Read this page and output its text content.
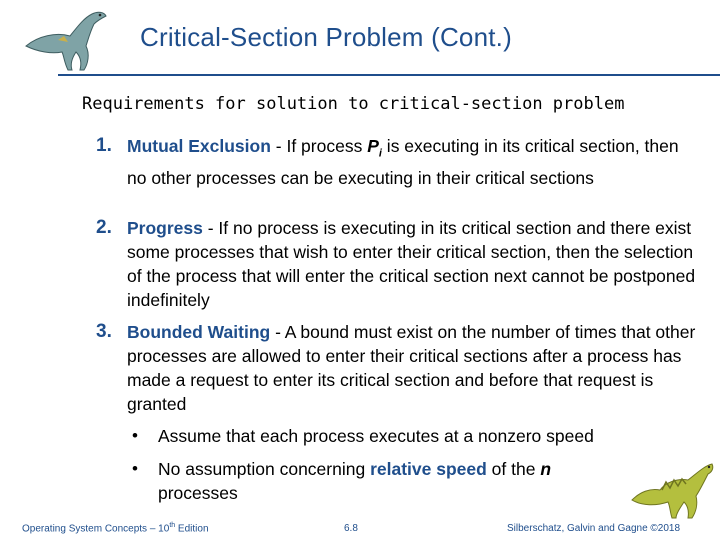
Critical-Section Problem (Cont.)
Requirements for solution to critical-section problem
1. Mutual Exclusion - If process $P_i$ is executing in its critical section, then no other processes can be executing in their critical sections
2. Progress - If no process is executing in its critical section and there exist some processes that wish to enter their critical section, then the selection of the process that will enter the critical section next cannot be postponed indefinitely
3. Bounded Waiting - A bound must exist on the number of times that other processes are allowed to enter their critical sections after a process has made a request to enter its critical section and before that request is granted
• Assume that each process executes at a nonzero speed
• No assumption concerning relative speed of the n
processes
Operating System Concepts – 10th Edition	6.8	Silberschatz, Galvin and Gagne ©2018
